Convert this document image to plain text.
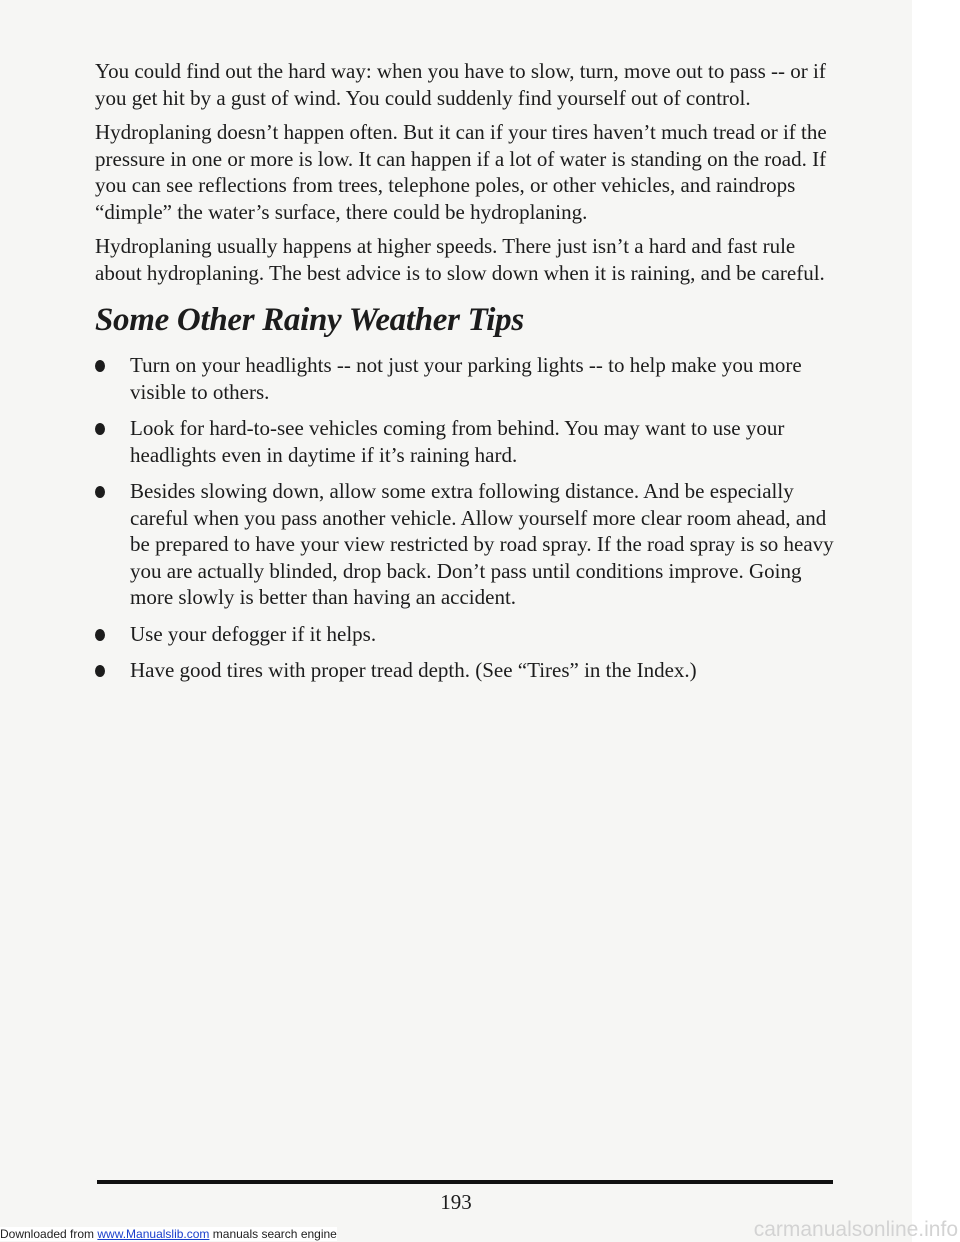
You could find out the hard way: when you have to slow, turn, move out to pass -- or if you get hit by a gust of wind. You could suddenly find yourself out of control.

Hydroplaning doesn’t happen often. But it can if your tires haven’t much tread or if the pressure in one or more is low. It can happen if a lot of water is standing on the road. If you can see reflections from trees, telephone poles, or other vehicles, and raindrops “dimple” the water’s surface, there could be hydroplaning.

Hydroplaning usually happens at higher speeds. There just isn’t a hard and fast rule about hydroplaning. The best advice is to slow down when it is raining, and be careful.

Some Other Rainy Weather Tips
Turn on your headlights -- not just your parking lights -- to help make you more visible to others.
Look for hard-to-see vehicles coming from behind. You may want to use your headlights even in daytime if it’s raining hard.
Besides slowing down, allow some extra following distance. And be especially careful when you pass another vehicle. Allow yourself more clear room ahead, and be prepared to have your view restricted by road spray. If the road spray is so heavy you are actually blinded, drop back. Don’t pass until conditions improve. Going more slowly is better than having an accident.
Use your defogger if it helps.
Have good tires with proper tread depth. (See “Tires” in the Index.)
193
Downloaded from www.Manualslib.com manuals search engine	carmanualsonline.info
